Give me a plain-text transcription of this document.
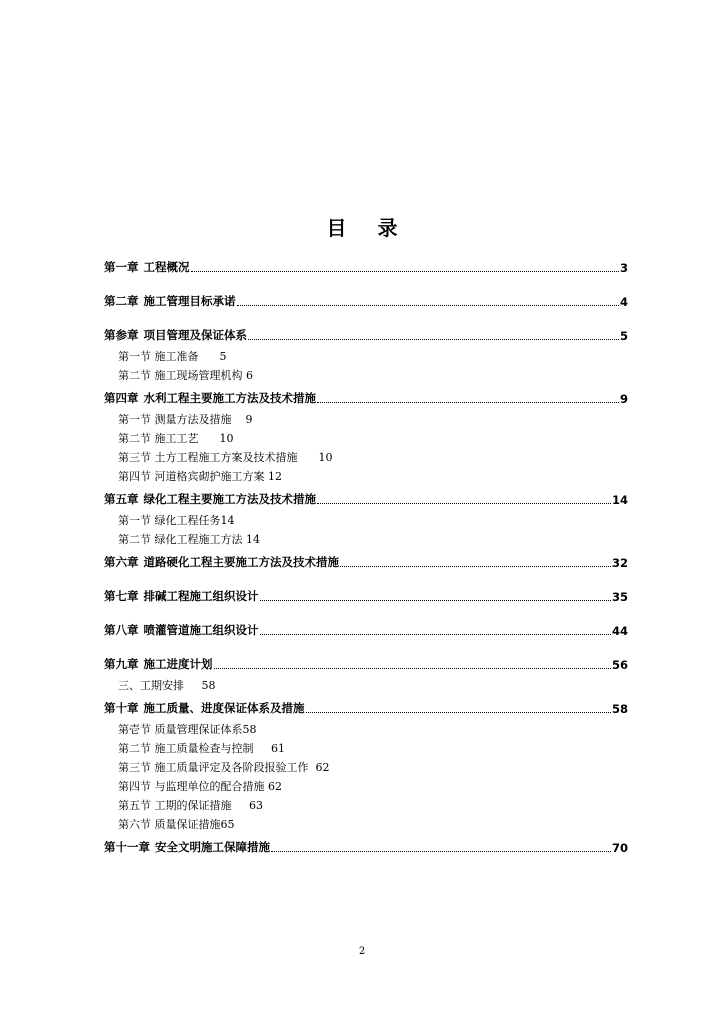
目 录
第一章 工程概况	3
第二章 施工管理目标承诺	4
第参章 项目管理及保证体系	5
第一节 施工准备 5
第二节 施工现场管理机构 6
第四章 水利工程主要施工方法及技术措施	9
第一节 测量方法及措施 9
第二节 施工工艺 10
第三节 土方工程施工方案及技术措施 10
第四节 河道格宾砌护施工方案 12
第五章 绿化工程主要施工方法及技术措施	14
第一节 绿化工程任务14
第二节 绿化工程施工方法 14
第六章 道路硬化工程主要施工方法及技术措施	32
第七章 排碱工程施工组织设计	35
第八章 喷灌管道施工组织设计	44
第九章 施工进度计划	56
三、工期安排 58
第十章 施工质量、进度保证体系及措施	58
第壱节 质量管理保证体系58
第二节 施工质量检查与控制 61
第三节 施工质量评定及各阶段报验工作 62
第四节 与监理单位的配合措施 62
第五节 工期的保证措施 63
第六节 质量保证措施65
第十一章 安全文明施工保障措施	70
2
